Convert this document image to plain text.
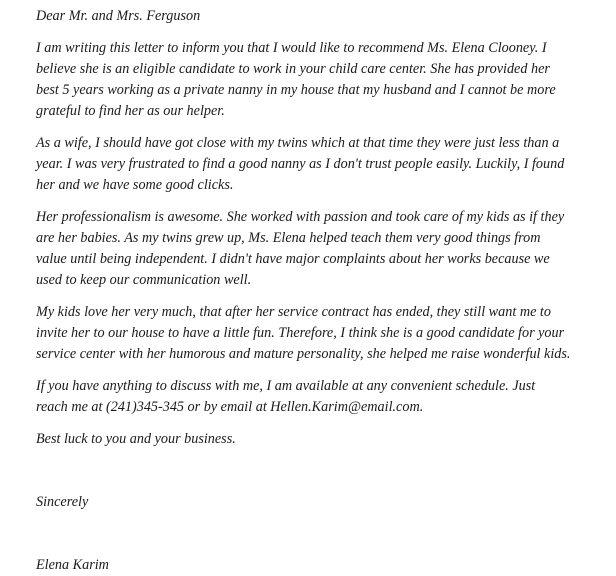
Dear Mr. and Mrs. Ferguson
I am writing this letter to inform you that I would like to recommend Ms. Elena Clooney. I
believe she is an eligible candidate to work in your child care center. She has provided her
best 5 years working as a private nanny in my house that my husband and I cannot be more
grateful to find her as our helper.
As a wife, I should have got close with my twins which at that time they were just less than a
year. I was very frustrated to find a good nanny as I don't trust people easily. Luckily, I found
her and we have some good clicks.
Her professionalism is awesome. She worked with passion and took care of my kids as if they
are her babies. As my twins grew up, Ms. Elena helped teach them very good things from
value until being independent. I didn't have major complaints about her works because we
used to keep our communication well.
My kids love her very much, that after her service contract has ended, they still want me to
invite her to our house to have a little fun. Therefore, I think she is a good candidate for your
service center with her humorous and mature personality, she helped me raise wonderful kids.
If you have anything to discuss with me, I am available at any convenient schedule. Just
reach me at (241)345-345 or by email at Hellen.Karim@email.com.
Best luck to you and your business.
Sincerely
Elena Karim
